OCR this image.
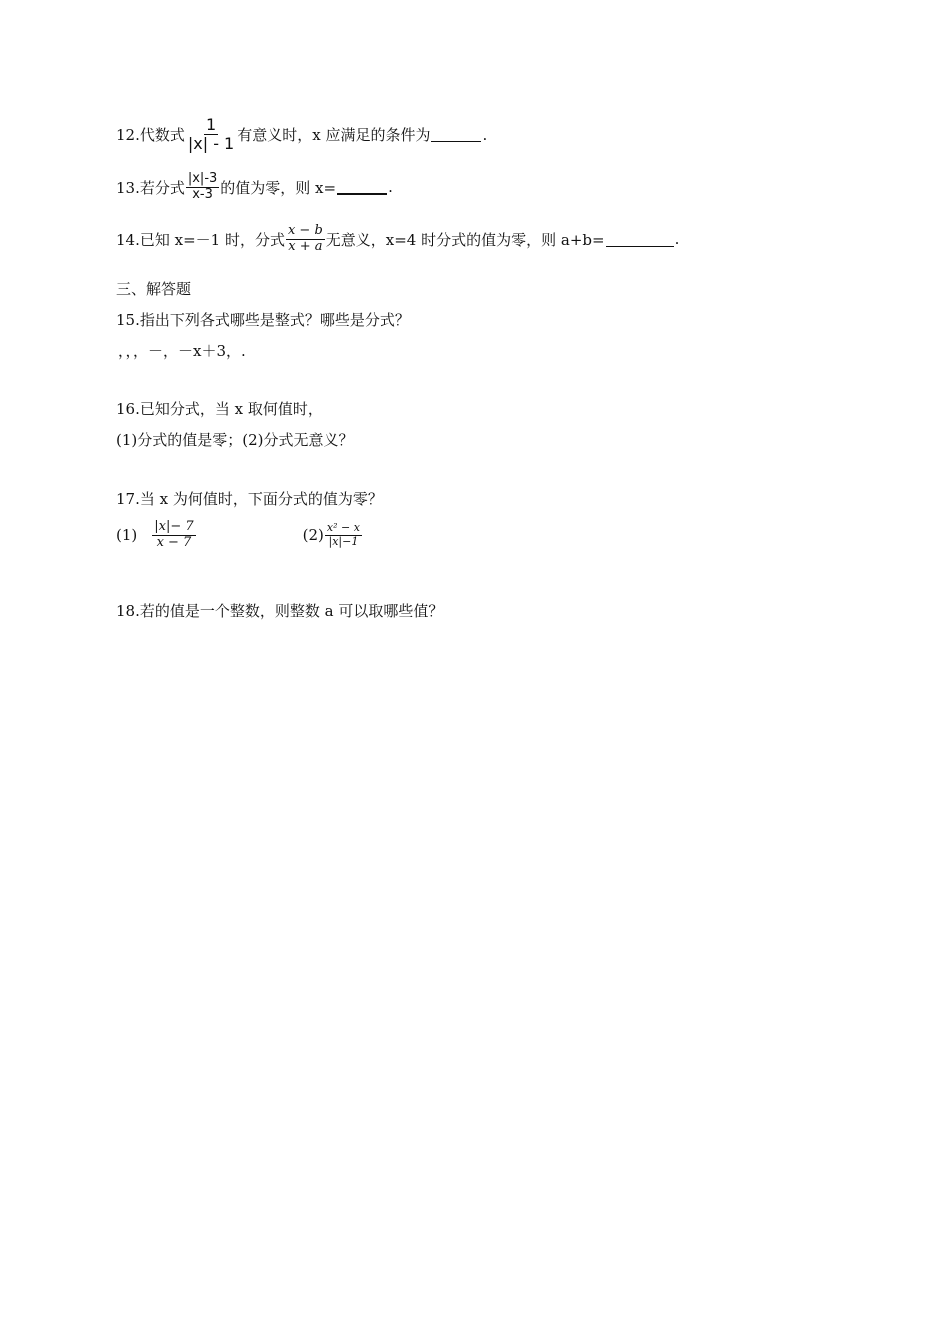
12.代数式 $\frac{1}{|x| - 1}$ 有意义时，x 应满足的条件为	.
13.若分式 $\frac{|x|-3}{x-3}$ 的值为零，则 x=	.
14.已知 x=－1 时，分式 $\frac{x - b}{x + a}$ 无意义，x=4 时分式的值为零，则 a+b=	.
三、解答题
15.指出下列各式哪些是整式？哪些是分式？
，，，－，－x＋3，.
16.已知分式，当 x 取何值时，
(1)分式的值是零；(2)分式无意义？
17.当 x 为何值时，下面分式的值为零？
$(1) \frac{|x|- 7}{x - 7}$	$(2) \frac{\text{x² − x}}{|x|-1}$
18.若的值是一个整数，则整数 a 可以取哪些值？
